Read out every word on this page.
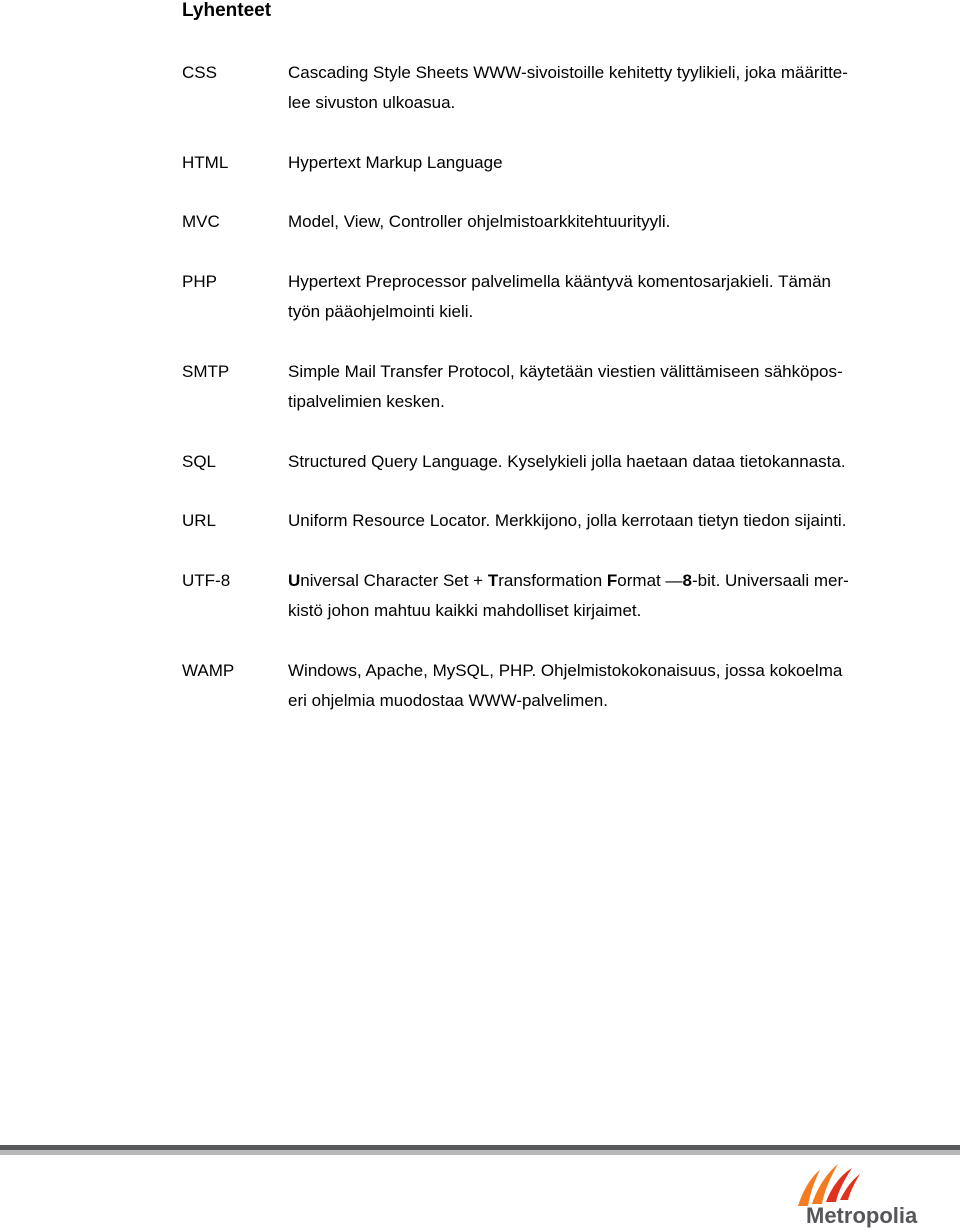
Lyhenteet
CSS	Cascading Style Sheets WWW-sivoistoille kehitetty tyylikieli, joka määritte-
lee sivuston ulkoasua.
HTML	Hypertext Markup Language
MVC	Model, View, Controller ohjelmistoarkkitehtuurityyli.
PHP	Hypertext Preprocessor palvelimella kääntyvä komentosarjakieli. Tämän
työn pääohjelmointi kieli.
SMTP	Simple Mail Transfer Protocol, käytetään viestien välittämiseen sähköpos-
tipalvelimien kesken.
SQL	Structured Query Language. Kyselykieli jolla haetaan dataa tietokannasta.
URL	Uniform Resource Locator. Merkkijono, jolla kerrotaan tietyn tiedon sijainti.
UTF-8	Universal Character Set + Transformation Format —8-bit. Universaali mer-
kistö johon mahtuu kaikki mahdolliset kirjaimet.
WAMP	Windows, Apache, MySQL, PHP. Ohjelmistokokonaisuus, jossa kokoelma
eri ohjelmia muodostaa WWW-palvelimen.
Metropolia
